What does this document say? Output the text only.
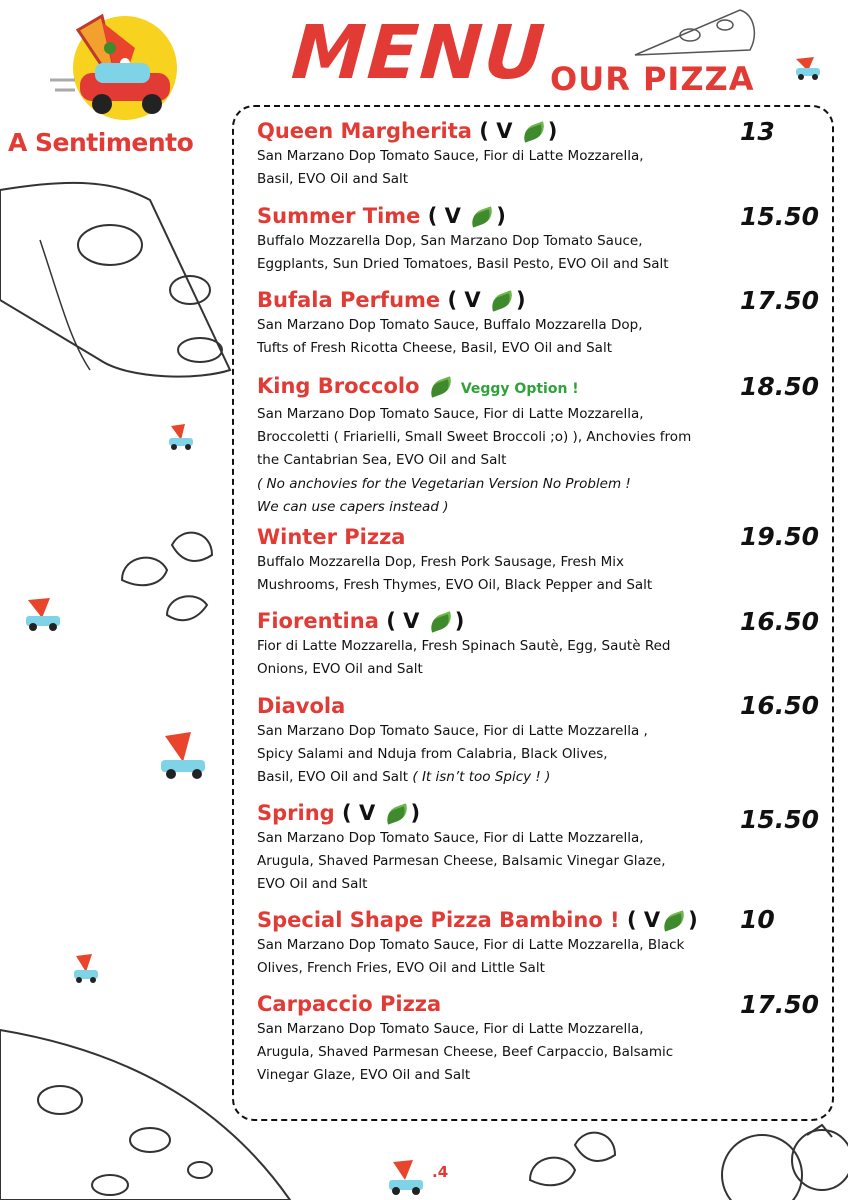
A Sentimento
MENU OUR PIZZA
Queen Margherita ( V )
San Marzano Dop Tomato Sauce, Fior di Latte Mozzarella,
Basil, EVO Oil and Salt
13
Summer Time ( V )
Buffalo Mozzarella Dop, San Marzano Dop Tomato Sauce,
Eggplants, Sun Dried Tomatoes, Basil Pesto, EVO Oil and Salt
15.50
Bufala Perfume ( V )
San Marzano Dop Tomato Sauce, Buffalo Mozzarella Dop,
Tufts of Fresh Ricotta Cheese, Basil, EVO Oil and Salt
17.50
King Broccolo	Veggy Option !
San Marzano Dop Tomato Sauce, Fior di Latte Mozzarella,
Broccoletti ( Friarielli, Small Sweet Broccoli ;o) ), Anchovies from
the Cantabrian Sea, EVO Oil and Salt
( No anchovies for the Vegetarian Version No Problem !
We can use capers instead )
18.50
Winter Pizza
Buffalo Mozzarella Dop, Fresh Pork Sausage, Fresh Mix
Mushrooms, Fresh Thymes, EVO Oil, Black Pepper and Salt
19.50
Fiorentina ( V )
Fior di Latte Mozzarella, Fresh Spinach Sautè, Egg, Sautè Red
Onions, EVO Oil and Salt
16.50
Diavola
San Marzano Dop Tomato Sauce, Fior di Latte Mozzarella ,
Spicy Salami and Nduja from Calabria, Black Olives,
Basil, EVO Oil and Salt ( It isn’t too Spicy ! )
16.50
Spring ( V )
San Marzano Dop Tomato Sauce, Fior di Latte Mozzarella,
Arugula, Shaved Parmesan Cheese, Balsamic Vinegar Glaze,
EVO Oil and Salt
15.50
Special Shape Pizza Bambino ! ( V )
San Marzano Dop Tomato Sauce, Fior di Latte Mozzarella, Black
Olives, French Fries, EVO Oil and Little Salt
10
Carpaccio Pizza
San Marzano Dop Tomato Sauce, Fior di Latte Mozzarella,
Arugula, Shaved Parmesan Cheese, Beef Carpaccio, Balsamic
Vinegar Glaze, EVO Oil and Salt
17.50
.4
